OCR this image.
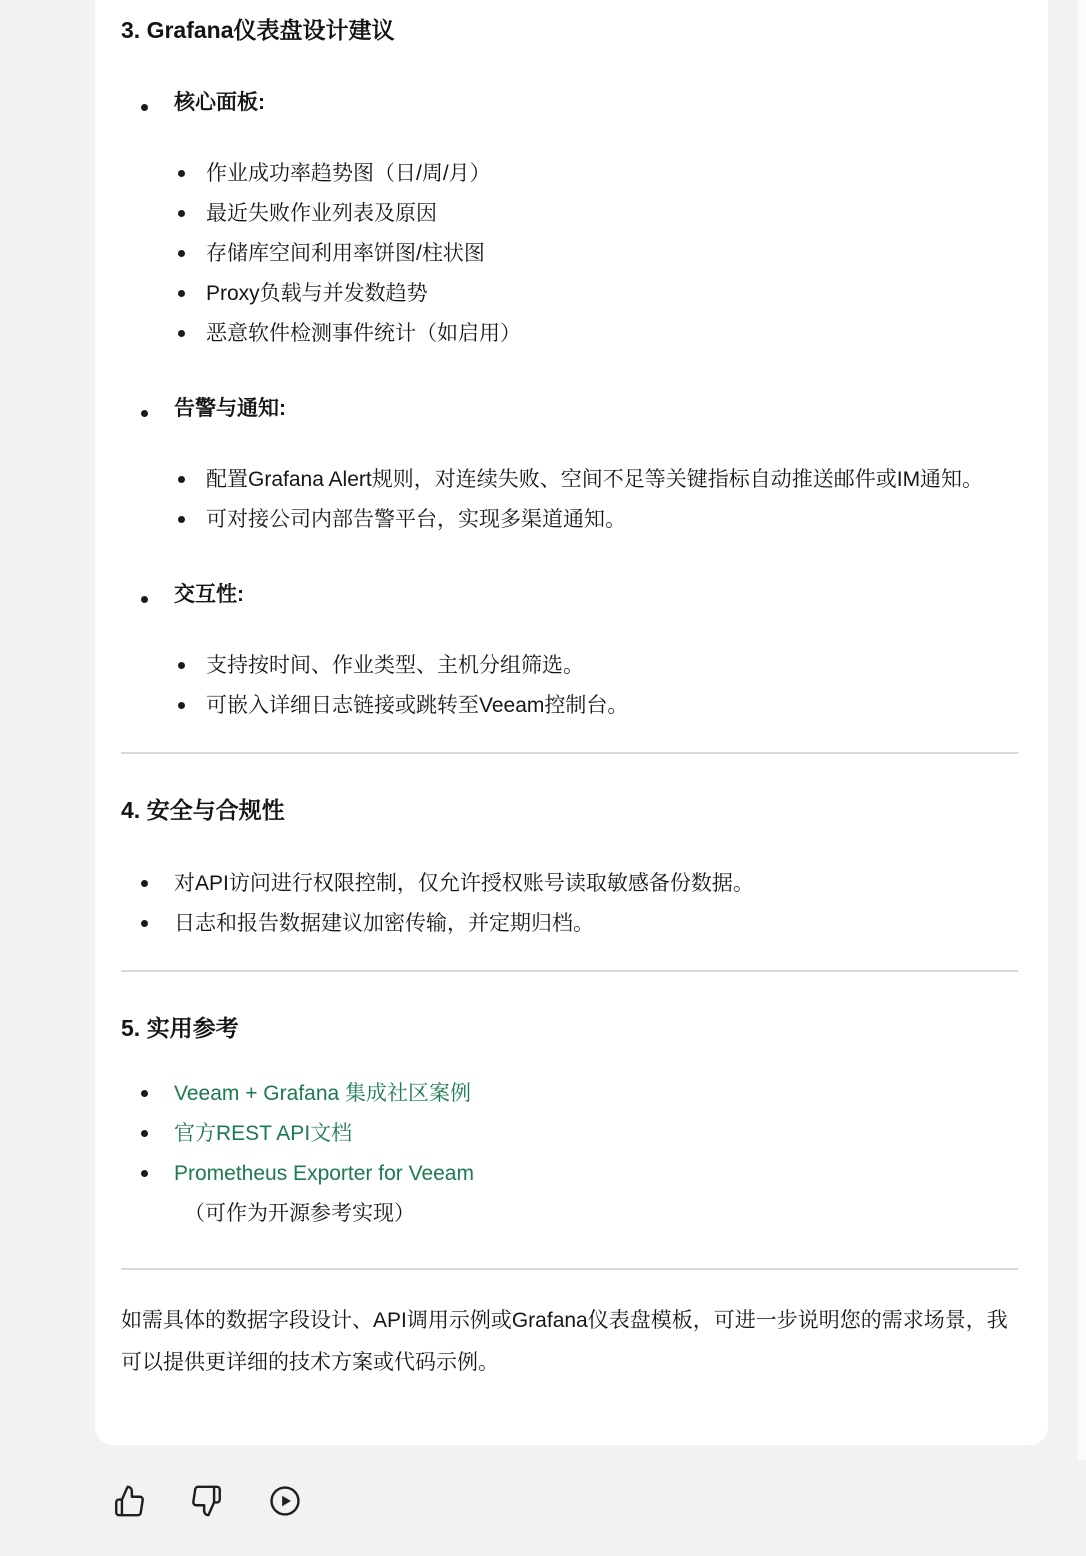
3. Grafana仪表盘设计建议
核心面板:
作业成功率趋势图（日/周/月）
最近失败作业列表及原因
存储库空间利用率饼图/柱状图
Proxy负载与并发数趋势
恶意软件检测事件统计（如启用）
告警与通知:
配置Grafana Alert规则，对连续失败、空间不足等关键指标自动推送邮件或IM通知。
可对接公司内部告警平台，实现多渠道通知。
交互性:
支持按时间、作业类型、主机分组筛选。
可嵌入详细日志链接或跳转至Veeam控制台。
4. 安全与合规性
对API访问进行权限控制，仅允许授权账号读取敏感备份数据。
日志和报告数据建议加密传输，并定期归档。
5. 实用参考
Veeam + Grafana 集成社区案例
官方REST API文档
Prometheus Exporter for Veeam
（可作为开源参考实现）

如需具体的数据字段设计、API调用示例或Grafana仪表盘模板，可进一步说明您的需求场景，我可以提供更详细的技术方案或代码示例。
